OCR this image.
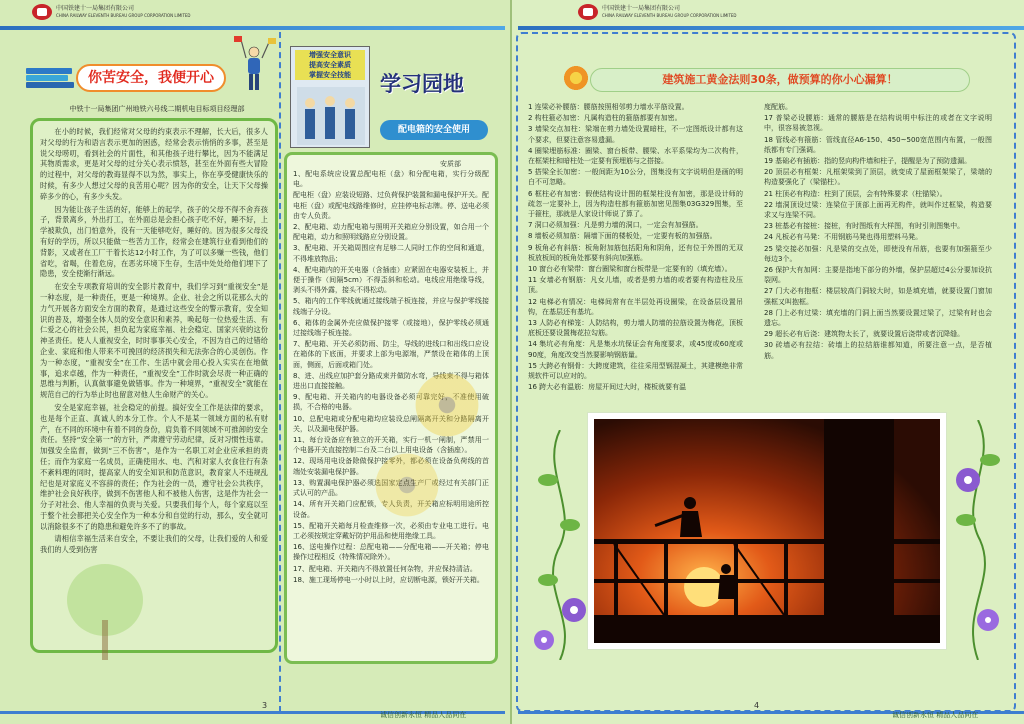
中国铁建十一局集团有限公司
CHINA RAILWAY ELEVENTH BUREAU GROUP CORPORATION LIMITED
你苦安全，我便开心
中铁十一局集团广州地铁六号线二期机电目标项目经理部

在小的时候，我们经常对父母的约束表示不理解，长大后，很多人对父母的行为和语言表示更加的困惑，经常会表示悄悄的多事，甚至是说父母唠叨，看到社会的片面性，和其他孩子进行攀比，因为不能满足其物质需求，更是对父母的过分关心表示愤怒，甚至在外面有些大冒险的过程中，对父母的教诲显得不以为然，事实上，你在享受健康快乐的时候，有多少人想过父母的良苦用心呢？因为你的安全，让天下父母操碎多少的心，有多少头发。

因为能让孩子生活的好，能够上的起学，孩子的父母不得不舍弃孩子，背景离乡，外出打工，在外面总是会担心孩子吃不好，睡不好，上学被欺负，出门怕意外，没有一天能够吃好，睡好的。因为很多父母没有好的学历，所以只能做一些苦力工作，经常会在建筑行业看到他们的背影，又或者在工厂干着长达12小时工作，为了可以多赚一些钱，他们省吃，省喝，住着危房，在恶劣环境下生存，生活中处处给他们埋下了隐患，安全使渐行渐远。

在安全专项教育培训的安全影片教育中，我们学习到“重视安全”是一种态度，是一种责任，更是一种境界。企业、社会之所以花那么大的力气开展各方面安全方面的教育，是通过这些安全的警示教育，安全知识的普及，增强全体人员的安全意识和素养，唤起每一位热爱生活、有仁爱之心的社会公民，担负起为家庭幸福、社会稳定、国家兴衰的这份神圣责任。使人人重视安全，时时事事关心安全，不因为自己的过错给企业、家庭和他人带来不可挽回的经济损失和无法弥合的心灵创伤。作为一种态度，“重视安全”在工作、生活中就会用心投入实实在在地做事，追求卓越，作为一种责任，“重视安全”工作时就会尽责一种正确的思维与判断，认真做事避免做错事。作为一种境界，“重视安全”就能在规范自己的行为举止时也留意对他人生命财产的关心。

安全是家庭幸福，社会稳定的前提。搞好安全工作是法律的要求，也是每个正直、真诚人的本分工作。个人不是某一领域方面的私有财产，在不同的环境中有着不同的身份，肩负着不同领域不可推卸的安全责任。坚持“安全第一”的方针，严肃遵守劳动纪律，反对习惯性违章。加强安全监督，做到“三不伤害”，是作为一名职工对企业应承担的责任；而作为家庭一名成员，正确使用水、电、汽和对家人衣食住行有条不紊料理的同时，提高家人的安全知识和防范意识，教育家人不违规乱纪也是对家庭义不容辞的责任；作为社会的一员，遵守社会公共秩序，维护社会良好秩序，做到不伤害他人和不被他人伤害，这是作为社会一分子对社会、他人幸福的负责与关爱。只要我们每个人，每个家庭以至于整个社会都把关心安全作为一种本分和自觉的行动，那么，安全就可以消除很多不了的隐患和避免许多不了的事故。

请相信幸福生活来自安全，不要让我们的父母，让我们爱的人和爱我们的人受到伤害

增强安全意识
提高安全素质
掌握安全技能	学习园地
配电箱的安全使用
安质部

1、配电系统应设置总配电柜（盘）和分配电箱，实行分级配电。

配电柜（盘）应装设短路、过负荷保护装置和漏电保护开关。配电柜（盘）或配电线路维修时，应挂停电标志牌。停、送电必须由专人负责。

2、配电箱、动力配电箱与照明开关箱应分别设置，如合用一个配电箱，动力和照明线路应分别设置。

3、配电箱、开关箱周围应有足够二人同时工作的空间和通道，不得堆放物品；

4、配电箱内的开关电器（含插座）应紧固在电器安装板上，并便于操作（间隔5cm）不得歪斜和松动。电线应用绝缘导线，剥头不得外露，接头不得松动。

5、箱内的工作零线就通过接线端子板连接，并应与保护零线接线端子分设。

6、箱体的金属外壳应做保护接零（或接地），保护零线必须通过接线端子板连接。

7、配电箱、开关必须防雨、防尘，导线的进线口和出线口应设在箱体的下底面，并要求上部为电源端，严禁设在箱体的上顶面，侧面，后面或箱门处。

8、进、出线应加护套分路成束并做防水弯，导线束不得与箱体进出口直接接触。

9、配电箱、开关箱内的电器设备必须可靠完好，不准使用破损，不合格的电器。

10、总配电箱或分配电箱均应装设总闸隔离开关和分路隔离开关，以及漏电保护器。

11、每台设备应有独立的开关箱，实行一机一闸制，严禁用一个电器开关直接控制二台及二台以上用电设备（含插座）。

12、现场用电设备除做保护接零外，都必须在设备负荷线的首端处安装漏电保护器。

13、购置漏电保护器必须选国家定点生产厂或经过有关部门正式认可的产品。

14、所有开关箱门应配锁，专人负责，开关箱应标明用途所控设备。

15、配箱开关箱每月检查维修一次，必须由专业电工进行。电工必须按规定穿戴好防护用品和使用绝缘工具。

16、送电操作过程：总配电箱——分配电箱——开关箱；停电操作过程相反（特殊情况除外）。

17、配电箱、开关箱内不得放置任何杂物，并应保持清洁。

18、施工现场停电一小时以上时，应切断电源，锁好开关箱。

3
诚信创新永恒 精品人品同在
中国铁建十一局集团有限公司
CHINA RAILWAY ELEVENTH BUREAU GROUP CORPORATION LIMITED
4
诚信创新永恒 精品人品同在
建筑施工黄金法则30条，做预算的你小心漏算！

1 连梁必补腰筋：腰筋按照相邻剪力墙水平筋设置。

2 构柱箍必加密：凡属构造柱的箍筋都要有加密。

3 墙梁交点加柱：梁端在剪力墙处设置暗柱，不一定图纸设计都有这个要求，但要注意容易遗漏。

4 圈梁埋筋标准：圈梁、窗台板带、腰梁、水平系梁均为二次构件，在框架柱和暗柱处一定要有预埋筋与之搭接。

5 搭梁全长加密：一般间距为10公分，图集没有文字说明但是画的明白不可忽略。

6 框柱必有加密：假使结构设计图的框架柱没有加密，那是设计师的疏忽一定要补上，因为构造柱都有箍筋加密见图集03G329图集，至于箍柱，那就是人家设计师说了算了。

7 洞口必须加强：凡是剪力墙的洞口，一定会有加强筋。

8 墙板必须加筋：隔墙下面的楼板处，一定要有板的加强筋。

9 板角必有斜筋：板角附加筋包括阳角和阴角，还有位于外围的无双板放板间的板角处都要有斜向加强筋。

10 窗台必有梁带：窗台圈梁和窗台板带是一定要有的（填充墙）。

11 女墙必有钢筋：凡女儿墙，或者是剪力墙的或者要有构造柱及压顶。

12 电梯必有情况：电梯间常有在半层处再设圈梁，在设备层设置吊钩，在基层还有基坑。

13 人防必有梯笼：人防结构，剪力墙人防墙的拉筋设置为梅花，顶板底板还要设置梅花拉勾筋。

14 集坑必有角度：凡是集水坑保证会有角度要求，或45度或60度或90度，角度改变当然要影响钢筋量。

15 大跨必有钢骨：大跨度建筑，往往采用型钢混凝土，其建模绝非常规软件可以应对的。

16 跨大必有温筋：房屋开间过大时，楼板就要有温

度配筋。

17 普梁必设腰筋：通常的腰筋是在结构说明中标注的或者在文字说明中，很容易被忽视。

18 管线必有箍筋：管线直径A6-150、450~500宽范围内布置，一般图纸都有专门强调。

19 基础必有插筋：指的竖向构件墙和柱子，提醒是为了预防遗漏。

20 顶层必有框架：凡框架梁到了顶层，就变成了屋面框架梁了，梁端的构造要强化了（梁锚柱）。

21 柱顶必有构造：柱到了顶层，会有特殊要求（柱锚梁）。

22 墙洞顶设过梁：连梁位于顶部上面再无构件，就叫作过框梁，构造要求又与连梁不同。

23 桩基必有接桩：接桩，有时图纸有大样图，有时引则图集中。

24 凡板必有马凳：不用钢筋马凳也得用塑料马凳。

25 梁交接必加强：凡是梁的交点处，即使没有吊筋，也要有加强箍至少每边3个。

26 保护大有加网：主要是指地下部分的外墙，保护层超过4公分要加设抗裂网。

27 门大必有抱框：楼层较高门洞较大时，如是填充墙，就要设置门窗加强框又叫抱框。

28 门上必有过梁：填充墙的门洞上面当然要设置过梁了，过梁有时也会遗忘。

29 超长必有后浇：建筑物太长了，就要设置后浇带或者沉降缝。

30 砖墙必有拉结：砖墙上的拉结筋谁都知道，所要注意一点，是否植筋。
